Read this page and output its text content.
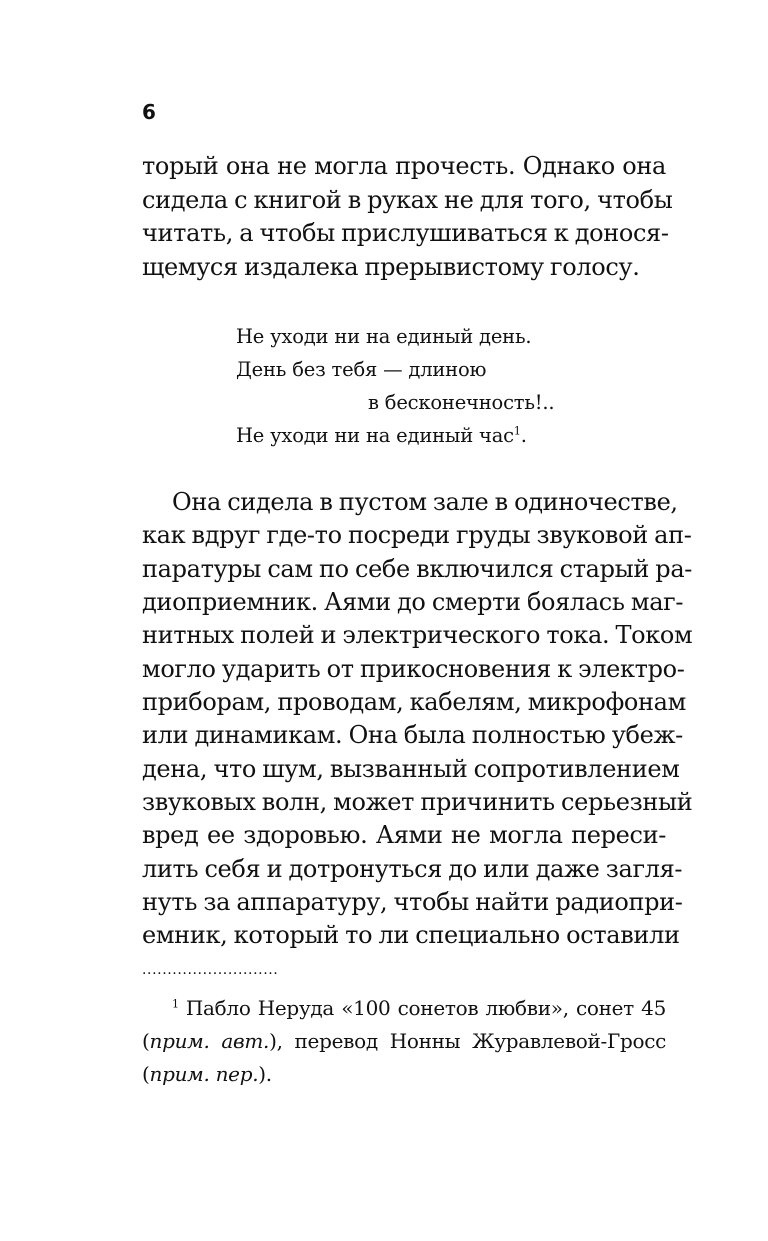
6
торый она не могла прочесть. Однако она
сидела с книгой в руках не для того, чтобы
читать, а чтобы прислушиваться к донося-
щемуся издалека прерывистому голосу.
Не уходи ни на единый день.
День без тебя — длиною
в бесконечность!..
Не уходи ни на единый час$^1$.
Она сидела в пустом зале в одиночестве,
как вдруг где-то посреди груды звуковой ап-
паратуры сам по себе включился старый ра-
диоприемник. Аями до смерти боялась маг-
нитных полей и электрического тока. Током
могло ударить от прикосновения к электро-
приборам, проводам, кабелям, микрофонам
или динамикам. Она была полностью убеж-
дена, что шум, вызванный сопротивлением
звуковых волн, может причинить серьезный
вред ее здоровью. Аями не могла переси-
лить себя и дотронуться до или даже загля-
нуть за аппаратуру, чтобы найти радиопри-
емник, который то ли специально оставили
...........................
$^1$ Пабло Неруда «100 сонетов любви», сонет 45
(прим. авт.), перевод Нонны Журавлевой-Гросс
(прим. пер.).
